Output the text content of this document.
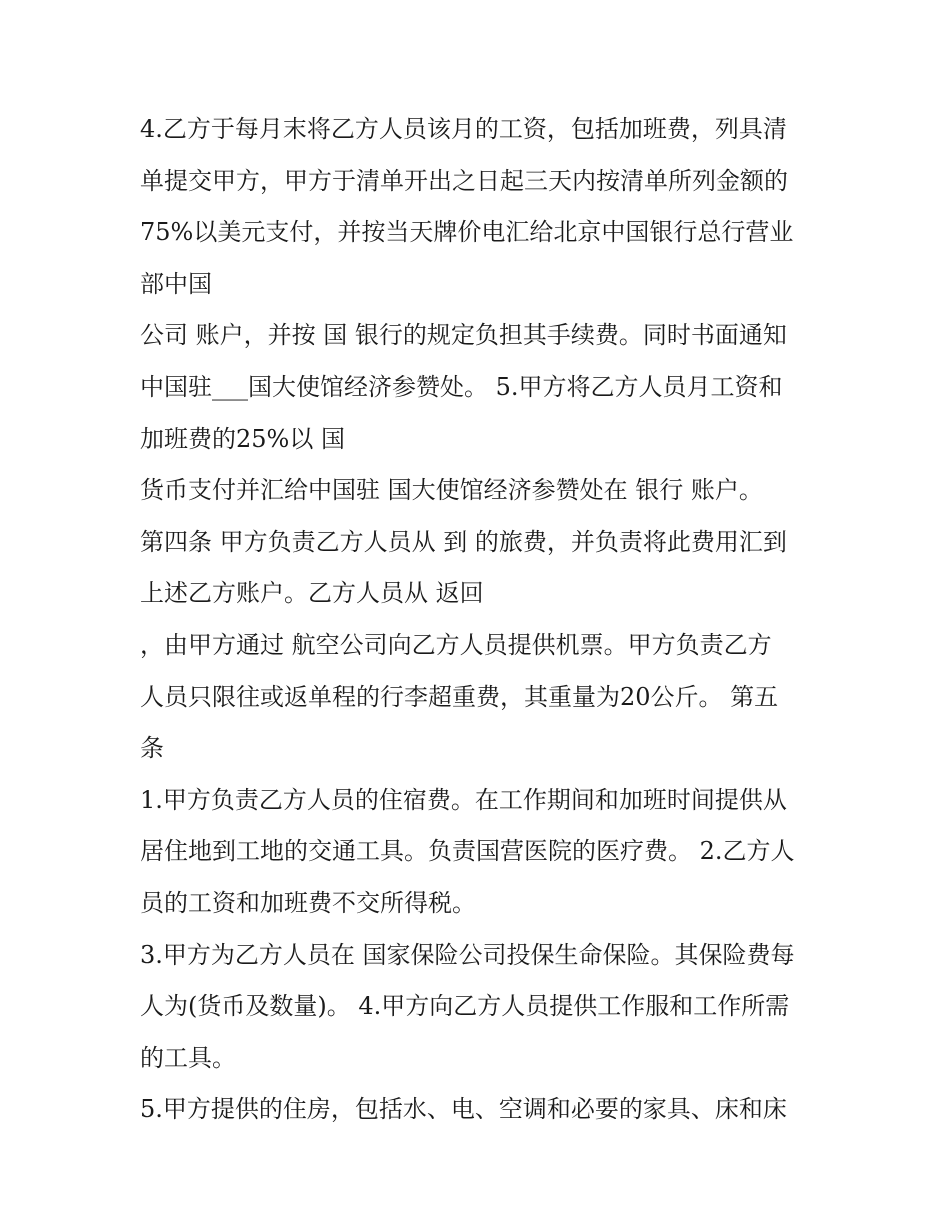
4.乙方于每月末将乙方人员该月的工资，包括加班费，列具清
单提交甲方，甲方于清单开出之日起三天内按清单所列金额的
75%以美元支付，并按当天牌价电汇给北京中国银行总行营业
部中国
公司 账户，并按 国 银行的规定负担其手续费。同时书面通知
中国驻___国大使馆经济参赞处。 5.甲方将乙方人员月工资和
加班费的25%以 国
货币支付并汇给中国驻 国大使馆经济参赞处在 银行 账户。
第四条 甲方负责乙方人员从 到 的旅费，并负责将此费用汇到
上述乙方账户。乙方人员从 返回
，由甲方通过 航空公司向乙方人员提供机票。甲方负责乙方
人员只限往或返单程的行李超重费，其重量为20公斤。 第五
条
1.甲方负责乙方人员的住宿费。在工作期间和加班时间提供从
居住地到工地的交通工具。负责国营医院的医疗费。 2.乙方人
员的工资和加班费不交所得税。
3.甲方为乙方人员在 国家保险公司投保生命保险。其保险费每
人为(货币及数量)。 4.甲方向乙方人员提供工作服和工作所需
的工具。
5.甲方提供的住房，包括水、电、空调和必要的家具、床和床
